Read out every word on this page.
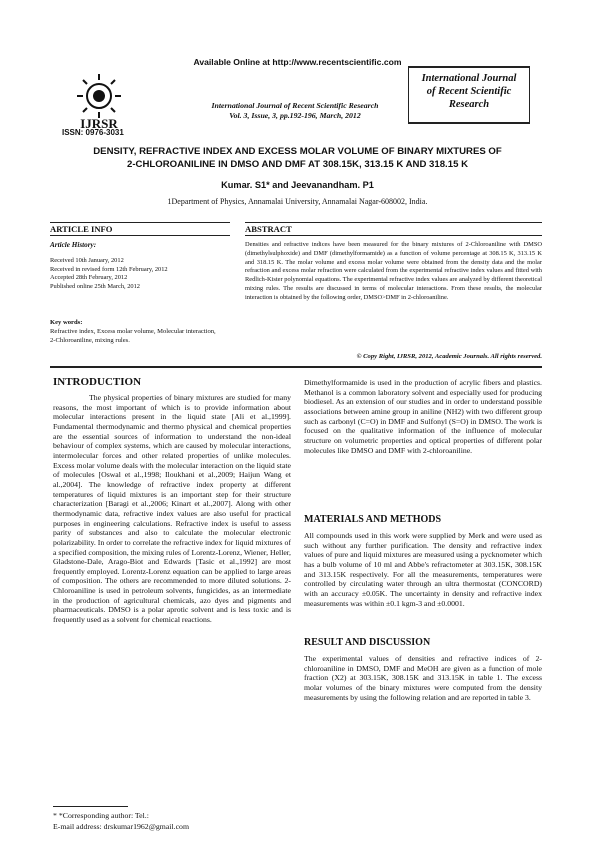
Available Online at http://www.recentscientific.com
IJRSR
ISSN: 0976-3031
International Journal of Recent Scientific Research
Vol. 3, Issue, 3, pp.192-196, March, 2012
International Journal
of Recent Scientific
Research
DENSITY, REFRACTIVE INDEX AND EXCESS MOLAR VOLUME OF BINARY MIXTURES OF
2-CHLOROANILINE IN DMSO AND DMF AT 308.15K, 313.15 K AND 318.15 K
Kumar. S1* and Jeevanandham. P1
1Department of Physics, Annamalai University, Annamalai Nagar-608002, India.
ARTICLE INFO	ABSTRACT
Article History:
Received 10th January, 2012
Received in revised form 12th February, 2012
Accepted 28th February, 2012
Published online 25th March, 2012
Key words:
Refractive index, Excess molar volume, Molecular interaction, 2-Chloroaniline, mixing rules.

Densities and refractive indices have been measured for the binary mixtures of 2-Chloroaniline with DMSO (dimethylsulphoxide) and DMF (dimethylformamide) as a function of volume percentage at 308.15 K, 313.15 K and 318.15 K. The molar volume and excess molar volume were obtained from the density data and the molar refraction and excess molar refraction were calculated from the experimental refractive index values and fitted with Redlich-Kister polynomial equations. The experimental refractive index values are analyzed by different theoretical mixing rules. The results are discussed in terms of molecular interactions. From these results, the molecular interaction is obtained by the following order, DMSO>DMF in 2-chloroaniline.

© Copy Right, IJRSR, 2012, Academic Journals. All rights reserved.
INTRODUCTION

The physical properties of binary mixtures are studied for many reasons, the most important of which is to provide information about molecular interactions present in the liquid state [Ali et al.,1999]. Fundamental thermodynamic and thermo physical and chemical properties are the essential sources of information to understand the non-ideal behaviour of complex systems, which are caused by molecular interactions, intermolecular forces and other related properties of unlike molecules. Excess molar volume deals with the molecular interaction on the liquid state of molecules [Oswal et al.,1998; Iloukhani et al.,2009; Haijun Wang et al.,2004]. The knowledge of refractive index property at different temperatures of liquid mixtures is an important step for their structure characterization [Baragi et al.,2006; Kinart et al.,2007]. Along with other thermodynamic data, refractive index values are also useful for practical purposes in engineering calculations. Refractive index is useful to assess parity of substances and also to calculate the molecular electronic polarizability. In order to correlate the refractive index for liquid mixtures of a specified composition, the mixing rules of Lorentz-Lorenz, Wiener, Heller, Gladstone-Dale, Arago-Biot and Edwards [Tasic et al.,1992] are most frequently employed. Lorentz-Lorenz equation can be applied to large areas of composition. The others are recommended to more diluted solutions. 2-Chloroaniline is used in petroleum solvents, fungicides, as an intermediate in the production of agricultural chemicals, azo dyes and pigments and pharmaceuticals. DMSO is a polar aprotic solvent and is less toxic and is frequently used as a solvent for chemical reactions.

Dimethylformamide is used in the production of acrylic fibers and plastics. Methanol is a common laboratory solvent and especially used for producing biodiesel. As an extension of our studies and in order to understand possible associations between amine group in aniline (NH2) with two different group such as carbonyl (C=O) in DMF and Sulfonyl (S=O) in DMSO. The work is focused on the qualitative information of the influence of molecular structure on volumetric properties and optical properties of different polar molecules like DMSO and DMF with 2-chloroaniline.

MATERIALS AND METHODS

All compounds used in this work were supplied by Merk and were used as such without any further purification. The density and refractive index values of pure and liquid mixtures are measured using a pycknometer which has a bulb volume of 10 ml and Abbe's refractometer at 303.15K, 308.15K and 313.15K respectively. For all the measurements, temperatures were controlled by circulating water through an ultra thermostat (CONCORD) with an accuracy ±0.05K. The uncertainty in density and refractive index measurements was within ±0.1 kgm-3 and ±0.0001.

RESULT AND DISCUSSION

The experimental values of densities and refractive indices of 2-chloroaniline in DMSO, DMF and MeOH are given as a function of mole fraction (X2) at 303.15K, 308.15K and 313.15K in table 1. The excess molar volumes of the binary mixtures were computed from the density measurements by using the following relation and are reported in table 3.

* *Corresponding author: Tel.:
E-mail address: drskumar1962@gmail.com
